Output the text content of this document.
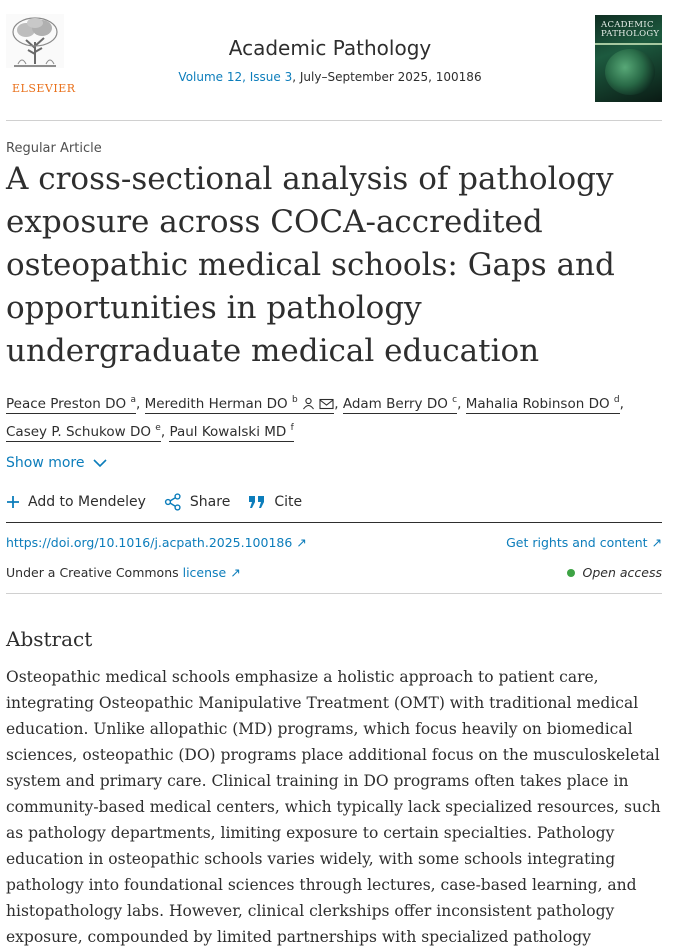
ELSEVIER
Academic Pathology
Volume 12, Issue 3, July–September 2025, 100186
ACADEMIC
PATHOLOGY
Regular Article
A cross-sectional analysis of pathology exposure across COCA-accredited osteopathic medical schools: Gaps and opportunities in pathology undergraduate medical education
Peace Preston DO $^a$, Meredith Herman DO $^b$	, Adam Berry DO $^c$, Mahalia Robinson DO $^d$,
Casey P. Schukow DO $^e$, Paul Kowalski MD $^f$
Show more
Add to Mendeley	Share	Cite
https://doi.org/10.1016/j.acpath.2025.100186 ↗	Get rights and content ↗
Under a Creative Commons license ↗	Open access
Abstract

Osteopathic medical schools emphasize a holistic approach to patient care, integrating Osteopathic Manipulative Treatment (OMT) with traditional medical education. Unlike allopathic (MD) programs, which focus heavily on biomedical sciences, osteopathic (DO) programs place additional focus on the musculoskeletal system and primary care. Clinical training in DO programs often takes place in community-based medical centers, which typically lack specialized resources, such as pathology departments, limiting exposure to certain specialties. Pathology education in osteopathic schools varies widely, with some schools integrating pathology into foundational sciences through lectures, case-based learning, and histopathology labs. However, clinical clerkships offer inconsistent pathology exposure, compounded by limited partnerships with specialized pathology
